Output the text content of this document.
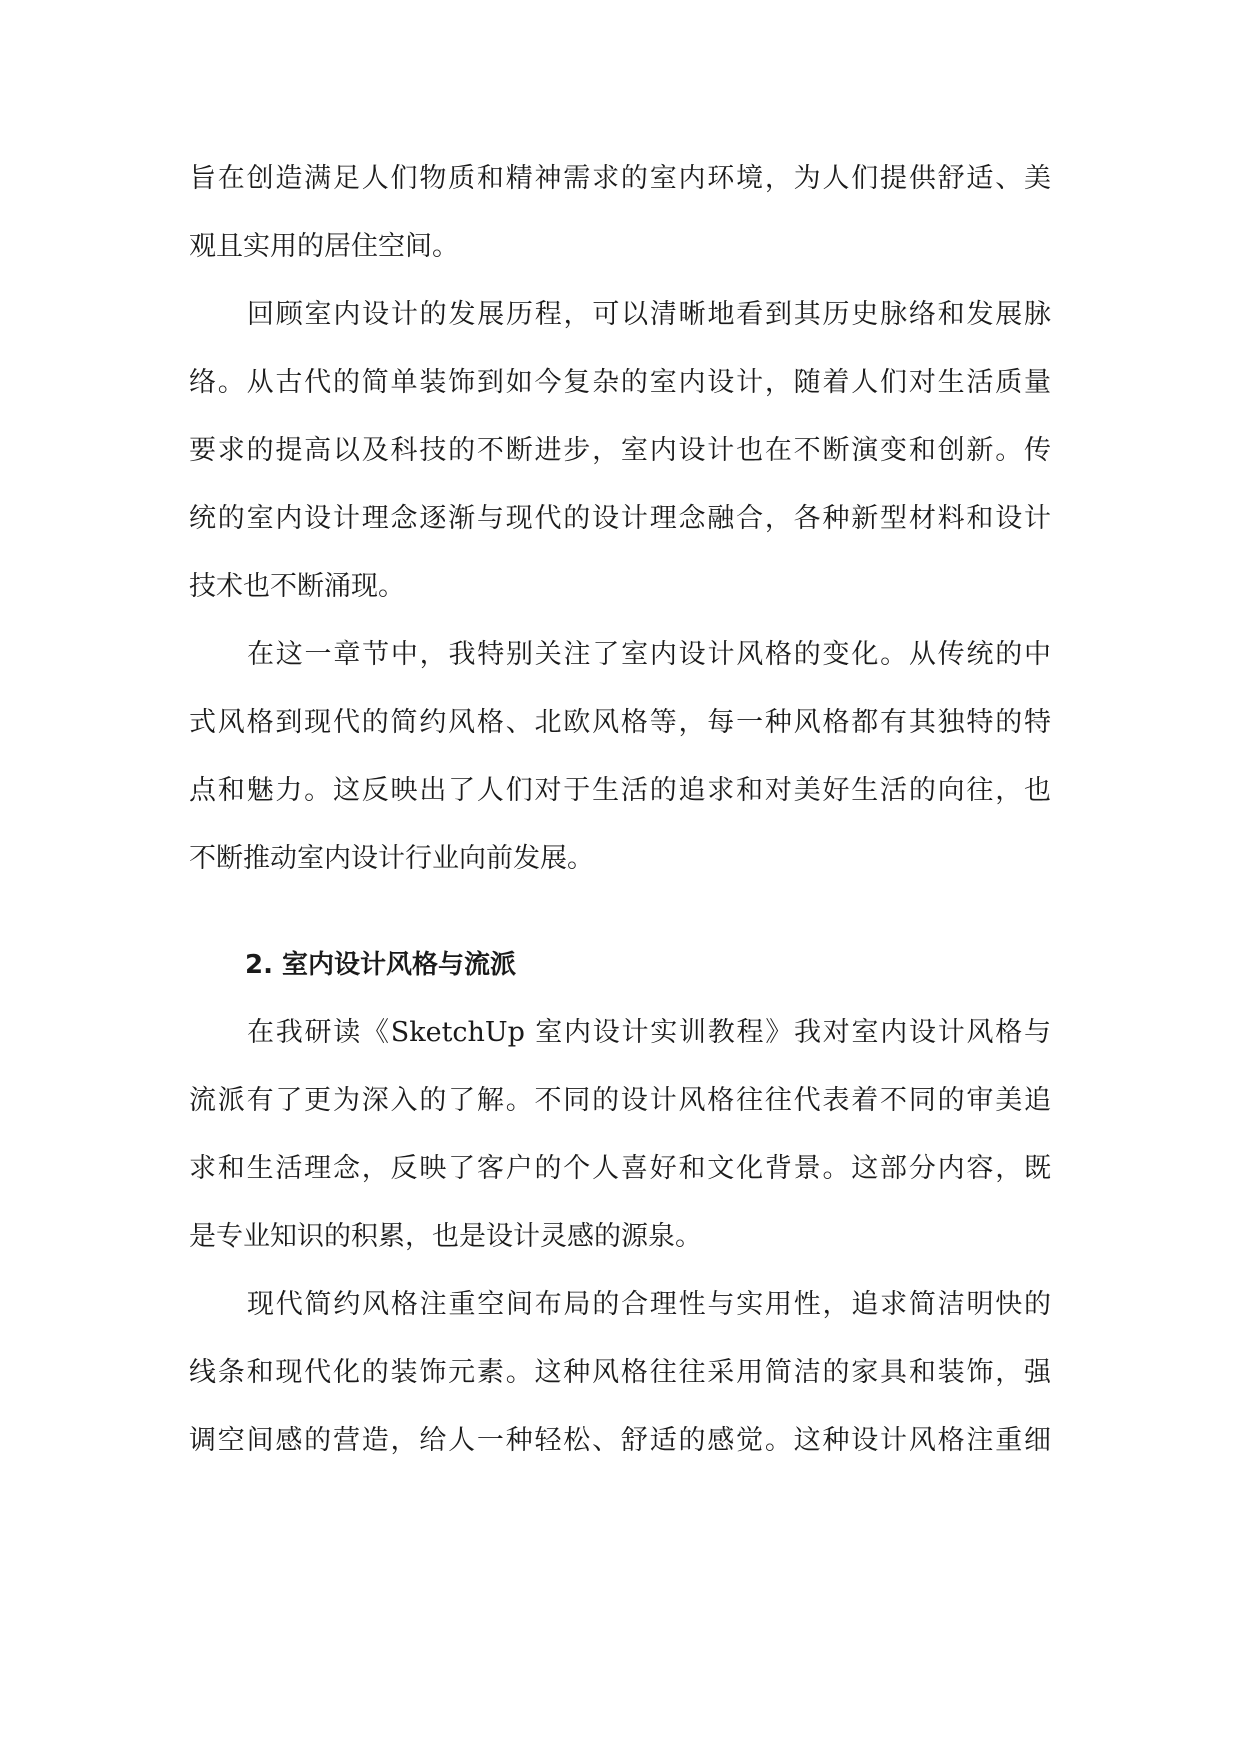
旨在创造满足人们物质和精神需求的室内环境，为人们提供舒适、美
观且实用的居住空间。
回顾室内设计的发展历程，可以清晰地看到其历史脉络和发展脉
络。从古代的简单装饰到如今复杂的室内设计，随着人们对生活质量
要求的提高以及科技的不断进步，室内设计也在不断演变和创新。传
统的室内设计理念逐渐与现代的设计理念融合，各种新型材料和设计
技术也不断涌现。
在这一章节中，我特别关注了室内设计风格的变化。从传统的中
式风格到现代的简约风格、北欧风格等，每一种风格都有其独特的特
点和魅力。这反映出了人们对于生活的追求和对美好生活的向往，也
不断推动室内设计行业向前发展。
2. 室内设计风格与流派
在我研读《SketchUp 室内设计实训教程》我对室内设计风格与
流派有了更为深入的了解。不同的设计风格往往代表着不同的审美追
求和生活理念，反映了客户的个人喜好和文化背景。这部分内容，既
是专业知识的积累，也是设计灵感的源泉。
现代简约风格注重空间布局的合理性与实用性，追求简洁明快的
线条和现代化的装饰元素。这种风格往往采用简洁的家具和装饰，强
调空间感的营造，给人一种轻松、舒适的感觉。这种设计风格注重细
